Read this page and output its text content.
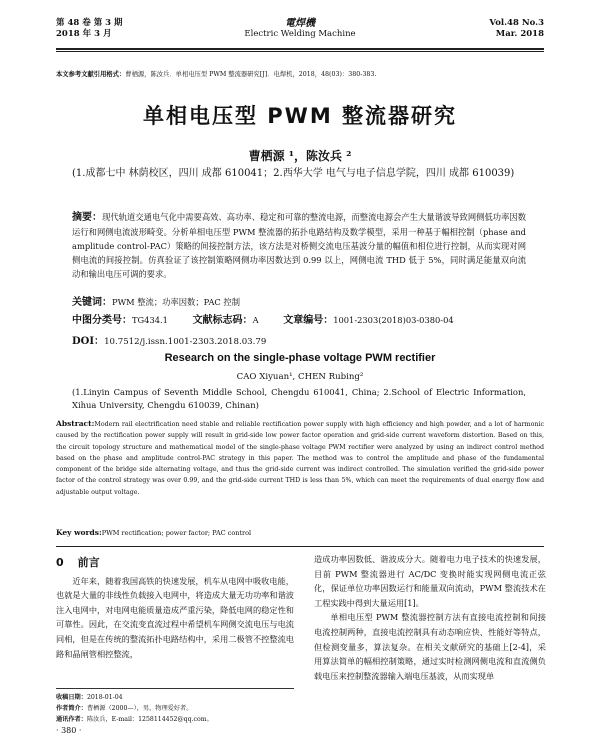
第 48 卷 第 3 期
2018 年 3 月
電焊機
Electric Welding Machine
Vol.48 No.3
Mar. 2018
本文参考文献引用格式：曹栖源，陈汝兵．单相电压型 PWM 整流器研究[J]．电焊机，2018，48(03)：380-383.
单相电压型 PWM 整流器研究
曹栖源 ¹，陈汝兵 ²
(1.成都七中 林荫校区，四川 成都 610041；2.西华大学 电气与电子信息学院，四川 成都 610039)
摘要：现代轨道交通电气化中需要高效、高功率、稳定和可靠的整流电源，而整流电源会产生大量谐波导致网侧低功率因数运行和网侧电流波形畸变。分析单相电压型 PWM 整流器的拓扑电路结构及数学模型，采用一种基于幅相控制（phase and amplitude control-PAC）策略的间接控制方法，该方法是对桥侧交流电压基波分量的幅值和相位进行控制，从而实现对网侧电流的间接控制。仿真验证了该控制策略网侧功率因数达到 0.99 以上，网侧电流 THD 低于 5%，同时满足能量双向流动和输出电压可调的要求。
关键词：PWM 整流；功率因数；PAC 控制
中图分类号：TG434.1 文献标志码：A 文章编号：1001-2303(2018)03-0380-04
DOI：10.7512/j.issn.1001-2303.2018.03.79
Research on the single-phase voltage PWM rectifier
CAO Xiyuan¹, CHEN Rubing²
(1.Linyin Campus of Seventh Middle School, Chengdu 610041, China; 2.School of Electric Information, Xihua University, Chengdu 610039, Chinan)
Abstract:Modern rail electrification need stable and reliable rectification power supply with high efficiency and high powder, and a lot of harmonic caused by the rectification power supply will result in grid-side low power factor operation and grid-side current waveform distortion. Based on this, the circuit topology structure and mathematical model of the single-phase voltage PWM rectifier were analyzed by using an indirect control method based on the phase and amplitude control-PAC strategy in this paper. The method was to control the amplitude and phase of the fundamental component of the bridge side alternating voltage, and thus the grid-side current was indirect controlled. The simulation verified the grid-side power factor of the control strategy was over 0.99, and the grid-side current THD is less than 5%, which can meet the requirements of dual energy flow and adjustable output voltage.
Key words:PWM rectification; power factor; PAC control
0 前言

近年来，随着我国高铁的快速发展，机车从电网中吸收电能，也就是大量的非线性负载接入电网中，将造成大量无功功率和谐波注入电网中，对电网电能质量造成严重污染，降低电网的稳定性和可靠性。因此，在交流变直流过程中希望机车网侧交流电压与电流同相，但是在传统的整流拓扑电路结构中，采用二极管不控整流电路和晶闸管相控整流，

造成功率因数低、谐波成分大。随着电力电子技术的快速发展，目前 PWM 整流器进行 AC/DC 变换时能实现网侧电流正弦化，保证单位功率因数运行和能量双向流动，PWM 整流技术在工程实践中得到大量运用[1]。

单相电压型 PWM 整流器控制方法有直接电流控制和间接电流控制两种，直接电流控制具有动态响应快、性能好等特点，但检测变量多，算法复杂。在相关文献研究的基础上[2-4]，采用算法简单的幅相控制策略，通过实时检测网侧电流和直流侧负载电压来控制整流器输入端电压基波，从而实现单

收稿日期：2018-01-04
作者简介：曹栖源（2000—），男，物理爱好者。
通讯作者：陈汝兵，E-mail：1258114452@qq.com。
· 380 ·
